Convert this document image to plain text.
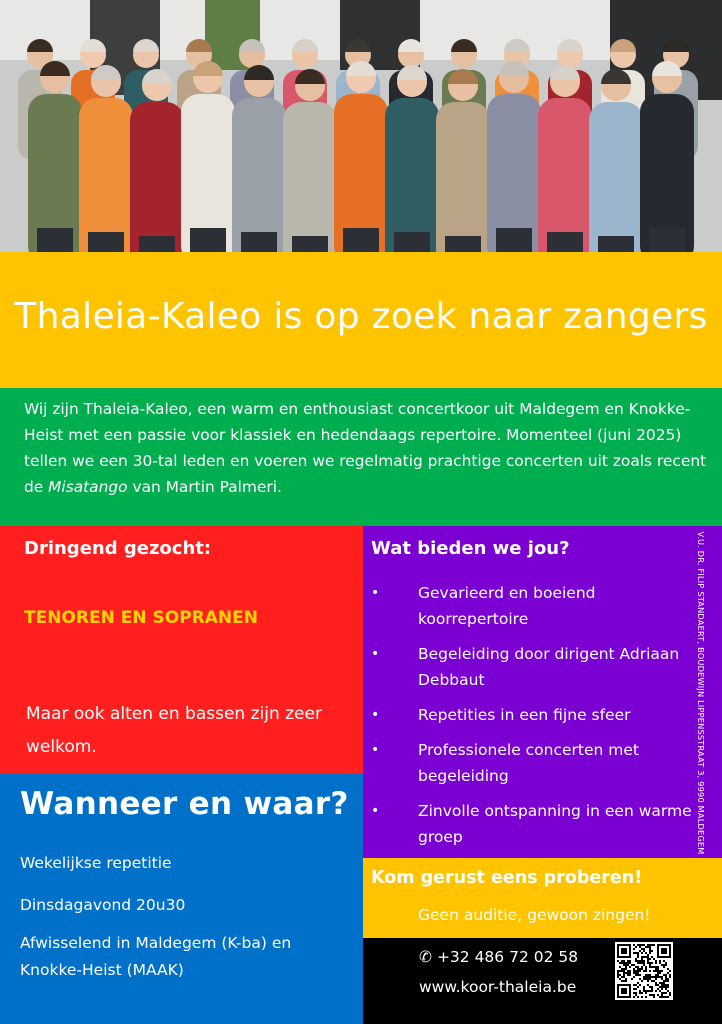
Thaleia-Kaleo is op zoek naar zangers

Wij zijn Thaleia-Kaleo, een warm en enthousiast concertkoor uit Maldegem en Knokke-Heist met een passie voor klassiek en hedendaags repertoire. Momenteel (juni 2025) tellen we een 30-tal leden en voeren we regelmatig prachtige concerten uit zoals recent de Misatango van Martin Palmeri.

Dringend gezocht:
TENOREN EN SOPRANEN
Maar ook alten en bassen zijn zeer welkom.
Wanneer en waar?
Wekelijkse repetitie
Dinsdagavond 20u30
Afwisselend in Maldegem (K-ba) en Knokke-Heist (MAAK)
Wat bieden we jou?
• Gevarieerd en boeiend koorrepertoire
• Begeleiding door dirigent Adriaan Debbaut
• Repetities in een fijne sfeer
• Professionele concerten met begeleiding
• Zinvolle ontspanning in een warme groep	V.U. DR. FILIP STANDAERT, BOUDEWIJN LIPPENSSTRAAT 3, 9990 MALDEGEM
Kom gerust eens proberen!
Geen auditie, gewoon zingen!
✆ +32 486 72 02 58
www.koor-thaleia.be
